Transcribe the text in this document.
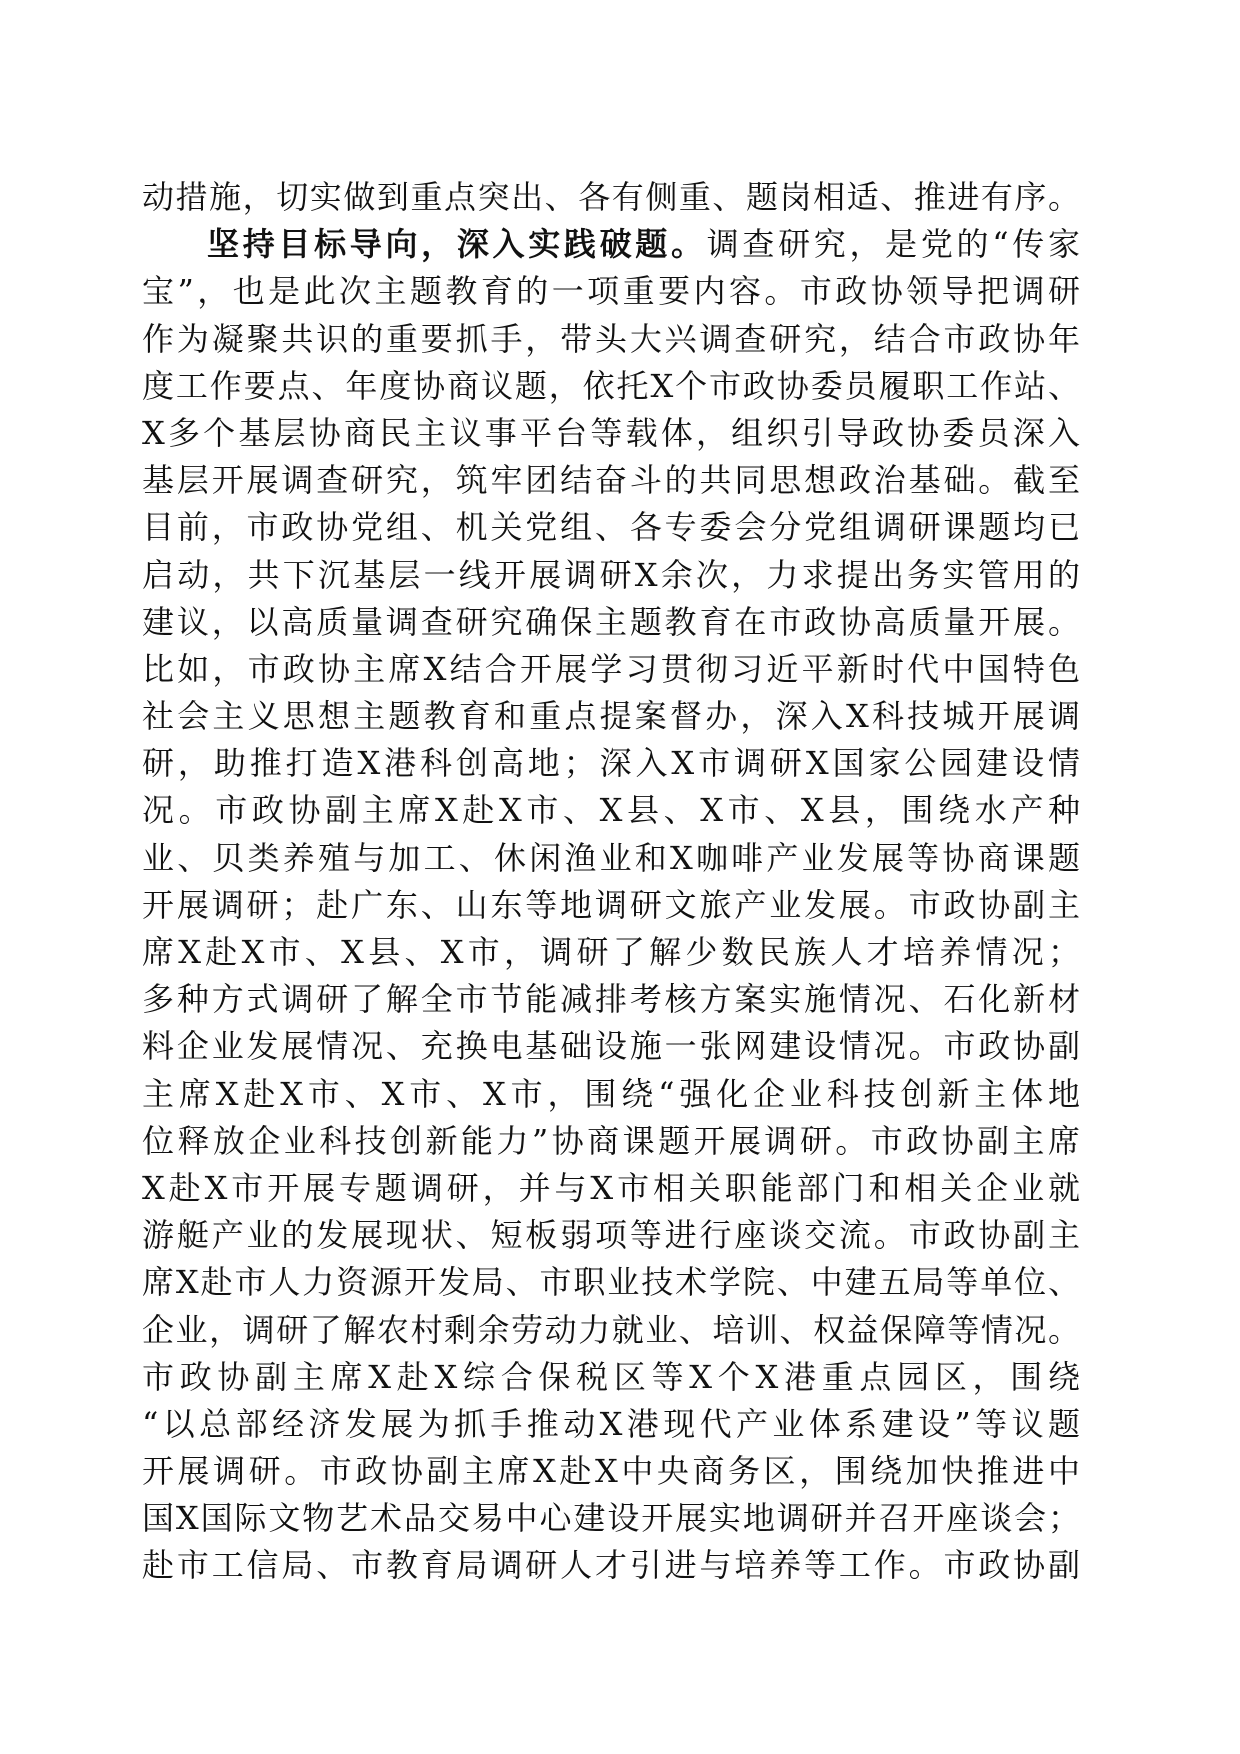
动措施，切实做到重点突出、各有侧重、题岗相适、推进有序。
坚持目标导向，深入实践破题。调查研究，是党的“传家
宝”，也是此次主题教育的一项重要内容。市政协领导把调研
作为凝聚共识的重要抓手，带头大兴调查研究，结合市政协年
度工作要点、年度协商议题，依托X个市政协委员履职工作站、
X多个基层协商民主议事平台等载体，组织引导政协委员深入
基层开展调查研究，筑牢团结奋斗的共同思想政治基础。截至
目前，市政协党组、机关党组、各专委会分党组调研课题均已
启动，共下沉基层一线开展调研X余次，力求提出务实管用的
建议，以高质量调查研究确保主题教育在市政协高质量开展。
比如，市政协主席X结合开展学习贯彻习近平新时代中国特色
社会主义思想主题教育和重点提案督办，深入X科技城开展调
研，助推打造X港科创高地；深入X市调研X国家公园建设情
况。市政协副主席X赴X市、X县、X市、X县，围绕水产种
业、贝类养殖与加工、休闲渔业和X咖啡产业发展等协商课题
开展调研；赴广东、山东等地调研文旅产业发展。市政协副主
席X赴X市、X县、X市，调研了解少数民族人才培养情况；
多种方式调研了解全市节能减排考核方案实施情况、石化新材
料企业发展情况、充换电基础设施一张网建设情况。市政协副
主席X赴X市、X市、X市，围绕“强化企业科技创新主体地
位释放企业科技创新能力”协商课题开展调研。市政协副主席
X赴X市开展专题调研，并与X市相关职能部门和相关企业就
游艇产业的发展现状、短板弱项等进行座谈交流。市政协副主
席X赴市人力资源开发局、市职业技术学院、中建五局等单位、
企业，调研了解农村剩余劳动力就业、培训、权益保障等情况。
市政协副主席X赴X综合保税区等X个X港重点园区，围绕
“以总部经济发展为抓手推动X港现代产业体系建设”等议题
开展调研。市政协副主席X赴X中央商务区，围绕加快推进中
国X国际文物艺术品交易中心建设开展实地调研并召开座谈会；
赴市工信局、市教育局调研人才引进与培养等工作。市政协副
